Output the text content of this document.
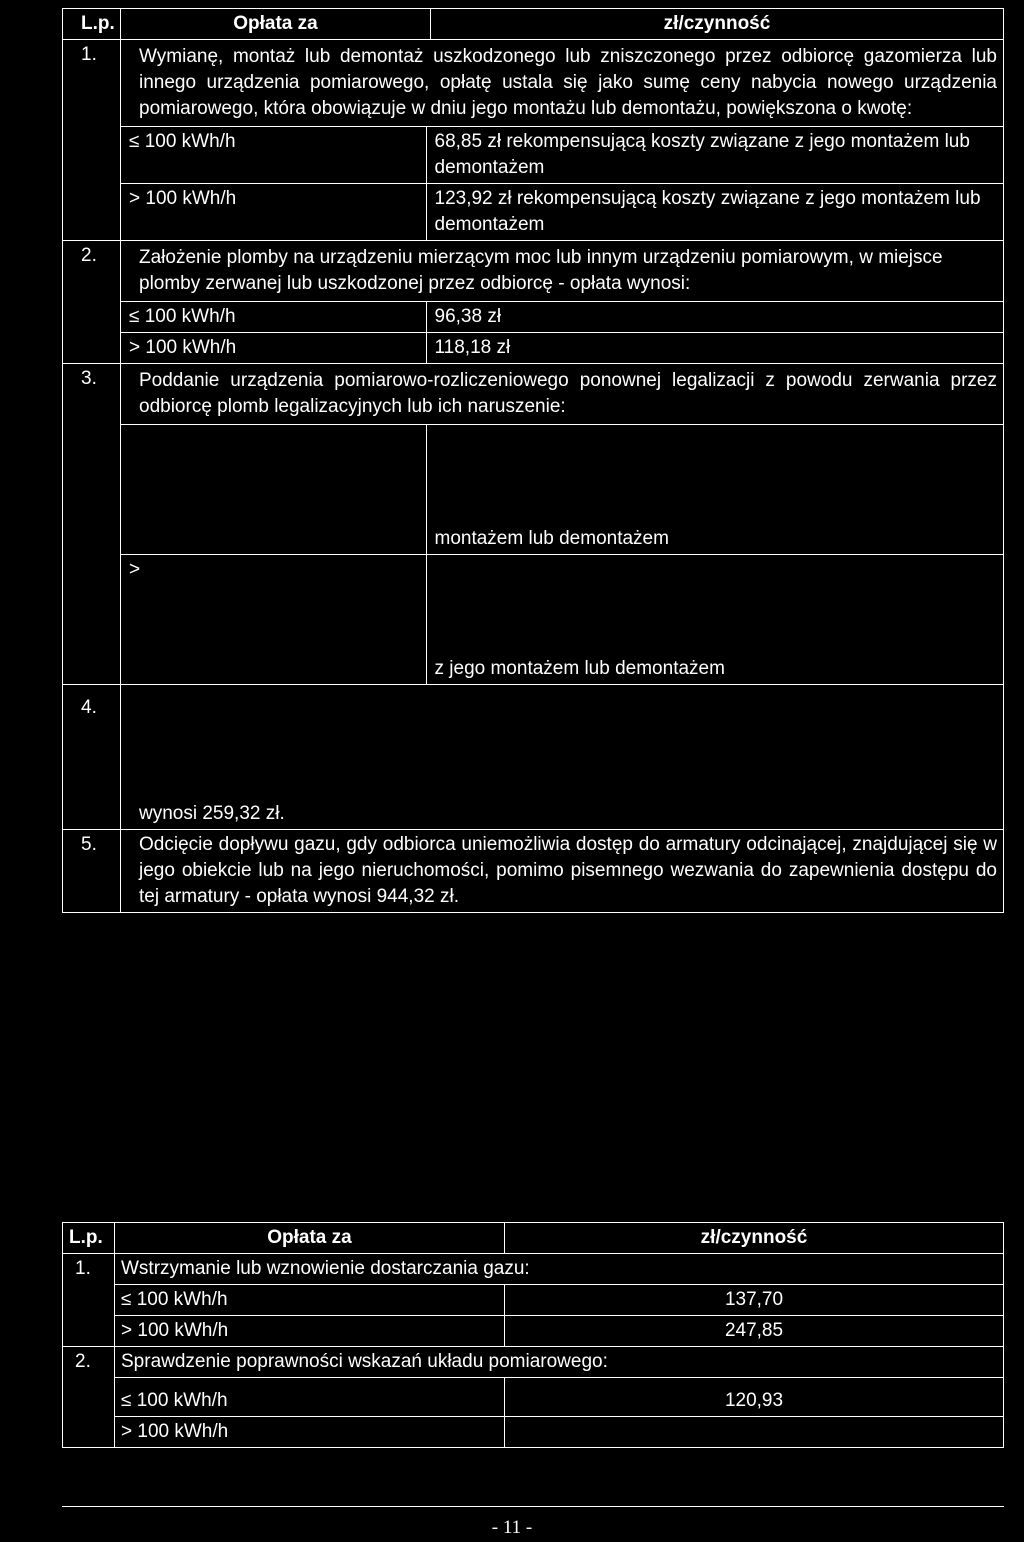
L.p.	Opłata za	zł/czynność
1.	Wymianę, montaż lub demontaż uszkodzonego lub zniszczonego przez odbiorcę gazomierza lub innego urządzenia pomiarowego, opłatę ustala się jako sumę ceny nabycia nowego urządzenia pomiarowego, która obowiązuje w dniu jego montażu lub demontażu, powiększona o kwotę:
≤ 100 kWh/h	68,85 zł rekompensującą koszty związane z jego montażem lub demontażem
> 100 kWh/h	123,92 zł rekompensującą koszty związane z jego montażem lub demontażem

2.	Założenie plomby na urządzeniu mierzącym moc lub innym urządzeniu pomiarowym, w miejsce plomby zerwanej lub uszkodzonej przez odbiorcę - opłata wynosi:
≤ 100 kWh/h	96,38 zł
> 100 kWh/h	118,18 zł

3.	Poddanie urządzenia pomiarowo-rozliczeniowego ponownej legalizacji z powodu zerwania przez odbiorcę plomb legalizacyjnych lub ich naruszenie:
	montażem lub demontażem
>	z jego montażem lub demontażem

4.	wynosi 259,32 zł.
5.	Odcięcie dopływu gazu, gdy odbiorca uniemożliwia dostęp do armatury odcinającej, znajdującej się w jego obiekcie lub na jego nieruchomości, pomimo pisemnego wezwania do zapewnienia dostępu do tej armatury - opłata wynosi 944,32 zł.
L.p.	Opłata za	zł/czynność
1.	Wstrzymanie lub wznowienie dostarczania gazu:	
	≤ 100 kWh/h	137,70
	> 100 kWh/h	247,85
2.	Sprawdzenie poprawności wskazań układu pomiarowego:	
	≤ 100 kWh/h	120,93
	> 100 kWh/h	
- 11 -
